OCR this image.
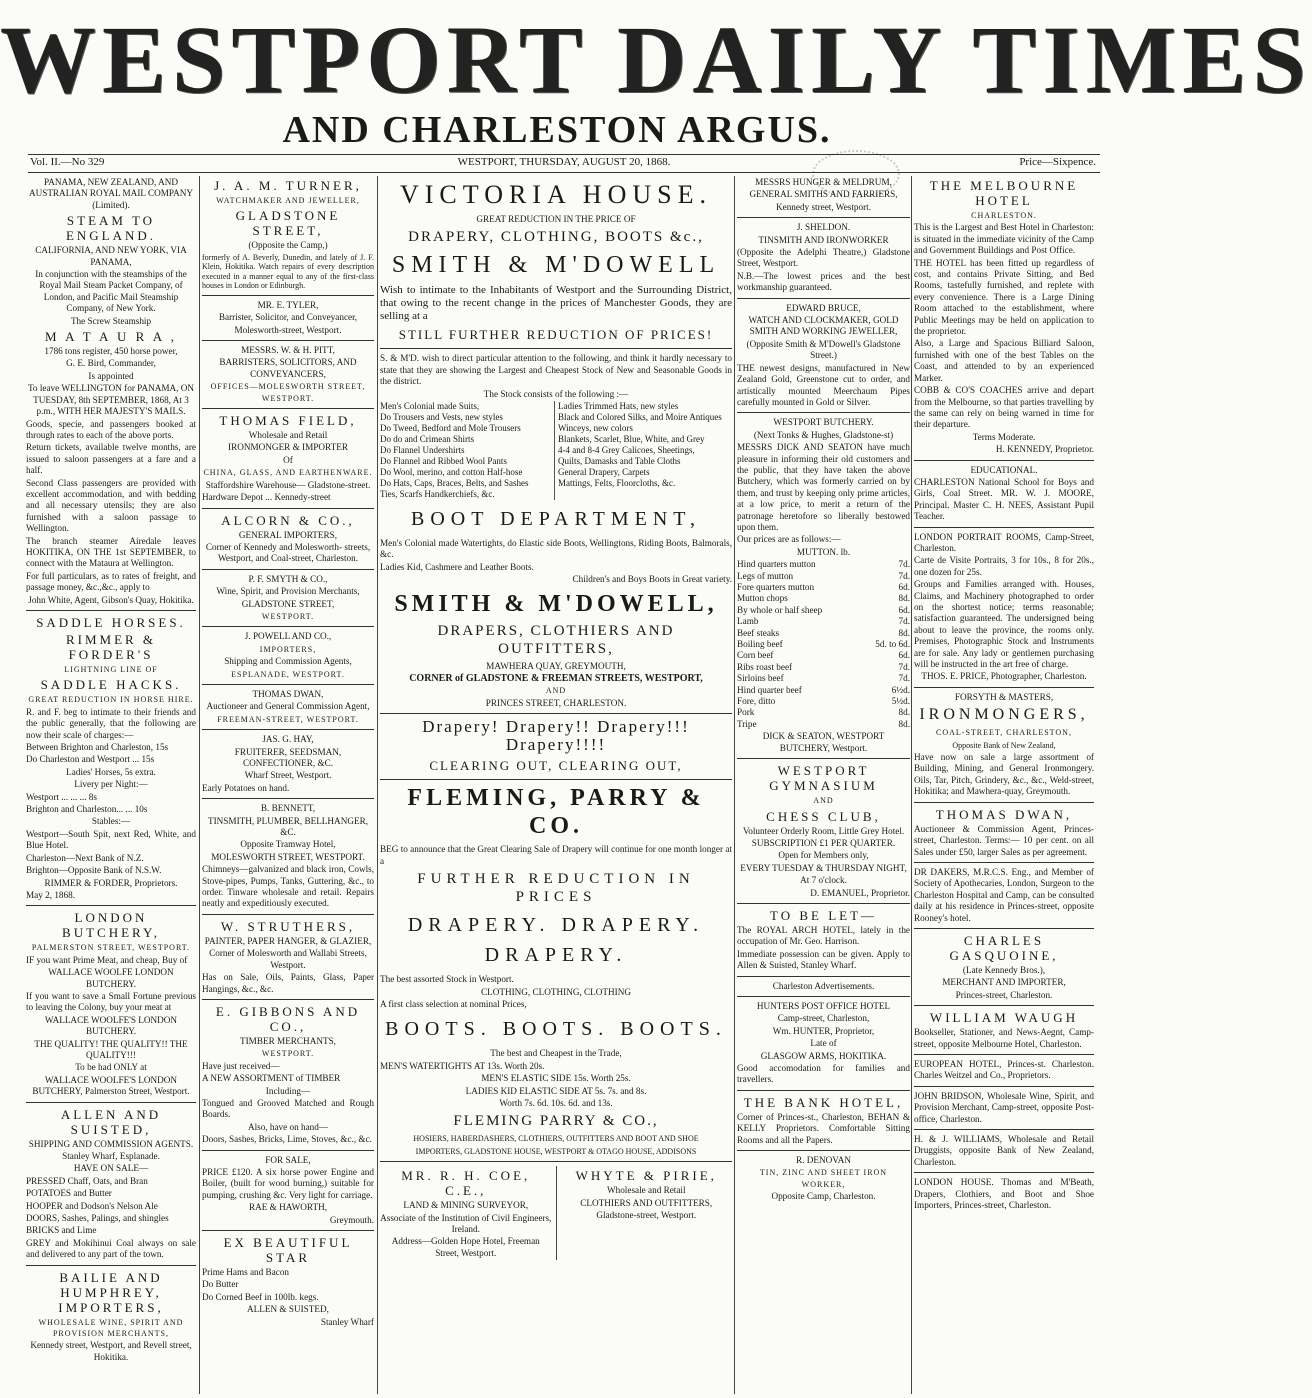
WESTPORT DAILY TIMES
AND CHARLESTON ARGUS.
Vol. II.—No 329	WESTPORT, THURSDAY, AUGUST 20, 1868.	Price—Sixpence.

PANAMA, NEW ZEALAND, AND AUSTRALIAN ROYAL MAIL COMPANY (Limited).

STEAM TO ENGLAND.

CALIFORNIA, AND NEW YORK, VIA PANAMA,

In conjunction with the steamships of the Royal Mail Steam Packet Company, of London, and Pacific Mail Steamship Company, of New York.

The Screw Steamship

M A T A U R A ,

1786 tons register, 450 horse power,

G. E. Bird, Commander,

Is appointed

To leave WELLINGTON for PANAMA, ON TUESDAY, 8th SEPTEMBER, 1868, At 3 p.m., WITH HER MAJESTY'S MAILS.

Goods, specie, and passengers booked at through rates to each of the above ports.

Return tickets, available twelve months, are issued to saloon passengers at a fare and a half.

Second Class passengers are provided with excellent accommodation, and with bedding and all necessary utensils; they are also furnished with a saloon passage to Wellington.

The branch steamer Airedale leaves HOKITIKA, ON THE 1st SEPTEMBER, to connect with the Mataura at Wellington.

For full particulars, as to rates of freight, and passage money, &c.,&c., apply to

John White, Agent, Gibson's Quay, Hokitika.

SADDLE HORSES.
RIMMER & FORDER'S
LIGHTNING LINE OF
SADDLE HACKS.
GREAT REDUCTION IN HORSE HIRE.

R. and F. beg to intimate to their friends and the public generally, that the following are now their scale of charges:—

Between Brighton and Charleston, 15s

Do Charleston and Westport ... 15s

Ladies' Horses, 5s extra.

Livery per Night:—

Westport ... ... ... 8s

Brighton and Charleston... ... 10s

Stables:—

Westport—South Spit, next Red, White, and Blue Hotel.

Charleston—Next Bank of N.Z.

Brighton—Opposite Bank of N.S.W.

RIMMER & FORDER, Proprietors.

May 2, 1868.

LONDON BUTCHERY,
PALMERSTON STREET, WESTPORT.

IF you want Prime Meat, and cheap, Buy of

WALLACE WOOLFE LONDON BUTCHERY.

If you want to save a Small Fortune previous to leaving the Colony, buy your meat at

WALLACE WOOLFE'S LONDON BUTCHERY.

THE QUALITY! THE QUALITY!! THE QUALITY!!!

To be had ONLY at

WALLACE WOOLFE'S LONDON BUTCHERY, Palmerston Street, Westport.

ALLEN AND SUISTED,

SHIPPING AND COMMISSION AGENTS.

Stanley Wharf, Esplanade.

HAVE ON SALE—

PRESSED Chaff, Oats, and Bran

POTATOES and Butter

HOOPER and Dodson's Nelson Ale

DOORS, Sashes, Palings, and shingles

BRICKS and Lime

GREY and Mokihinui Coal always on sale and delivered to any part of the town.

BAILIE AND HUMPHREY, IMPORTERS,
WHOLESALE WINE, SPIRIT AND PROVISION MERCHANTS,

Kennedy street, Westport, and Revell street, Hokitika.

J. A. M. TURNER,
WATCHMAKER AND JEWELLER,
GLADSTONE STREET,

(Opposite the Camp,)

formerly of A. Beverly, Dunedin, and lately of J. F. Klein, Hokitika. Watch repairs of every description executed in a manner equal to any of the first-class houses in London or Edinburgh.

MR. E. TYLER,

Barrister, Solicitor, and Conveyancer,

Molesworth-street, Westport.

MESSRS. W. & H. PITT,

BARRISTERS, SOLICITORS, AND CONVEYANCERS,

OFFICES—MOLESWORTH STREET, WESTPORT.
THOMAS FIELD,

Wholesale and Retail

IRONMONGER & IMPORTER

Of

CHINA, GLASS, AND EARTHENWARE.

Staffordshire Warehouse— Gladstone-street.

Hardware Depot ... Kennedy-street

ALCORN & CO.,

GENERAL IMPORTERS,

Corner of Kennedy and Molesworth- streets, Westport, and Coal-street, Charleston.

P. F. SMYTH & CO.,

Wine, Spirit, and Provision Merchants,

GLADSTONE STREET,

WESTPORT.

J. POWELL AND CO.,

IMPORTERS,

Shipping and Commission Agents,

ESPLANADE, WESTPORT.

THOMAS DWAN,

Auctioneer and General Commission Agent,

FREEMAN-STREET, WESTPORT.

JAS. G. HAY,

FRUITERER, SEEDSMAN, CONFECTIONER, &C.

Wharf Street, Westport.

Early Potatoes on hand.

B. BENNETT,

TINSMITH, PLUMBER, BELLHANGER, &C.

Opposite Tramway Hotel,

MOLESWORTH STREET, WESTPORT.

Chimneys—galvanized and black iron, Cowls, Stove-pipes, Pumps, Tanks, Guttering, &c., to order. Tinware wholesale and retail. Repairs neatly and expeditiously executed.

W. STRUTHERS,

PAINTER, PAPER HANGER, & GLAZIER,

Corner of Molesworth and Wallabi Streets, Westport.

Has on Sale, Oils, Paints, Glass, Paper Hangings, &c., &c.

E. GIBBONS AND CO.,

TIMBER MERCHANTS,

WESTPORT.

Have just received—

A NEW ASSORTMENT of TIMBER

Including—

Tongued and Grooved Matched and Rough Boards.

Also, have on hand—

Doors, Sashes, Bricks, Lime, Stoves, &c., &c.

FOR SALE,

PRICE £120. A six horse power Engine and Boiler, (built for wood burning,) suitable for pumping, crushing &c. Very light for carriage.

RAE & HAWORTH,

Greymouth.

EX BEAUTIFUL STAR

Prime Hams and Bacon

Do Butter

Do Corned Beef in 100lb. kegs.

ALLEN & SUISTED,

Stanley Wharf

VICTORIA HOUSE.

GREAT REDUCTION IN THE PRICE OF

DRAPERY, CLOTHING, BOOTS &c.,
SMITH & M'DOWELL

Wish to intimate to the Inhabitants of Westport and the Surrounding District, that owing to the recent change in the prices of Manchester Goods, they are selling at a

STILL FURTHER REDUCTION OF PRICES!

S. & M'D. wish to direct particular attention to the following, and think it hardly necessary to state that they are showing the Largest and Cheapest Stock of New and Seasonable Goods in the district.

The Stock consists of the following :—

Men's Colonial made Suits,
Do Trousers and Vests, new styles
Do Tweed, Bedford and Mole Trousers
Do do and Crimean Shirts
Do Flannel Undershirts
Do Flannel and Ribbed Wool Pants
Do Wool, merino, and cotton Half-hose
Do Hats, Caps, Braces, Belts, and Sashes
Ties, Scarfs Handkerchiefs, &c.
Ladies Trimmed Hats, new styles
Black and Colored Silks, and Moire Antiques
Winceys, new colors
Blankets, Scarlet, Blue, White, and Grey
4-4 and 8-4 Grey Calicoes, Sheetings,
Quilts, Damasks and Table Cloths
General Drapery, Carpets
Mattings, Felts, Floorcloths, &c.
BOOT DEPARTMENT,

Men's Colonial made Watertights, do Elastic side Boots, Wellingtons, Riding Boots, Balmorals, &c.

Ladies Kid, Cashmere and Leather Boots.

Children's and Boys Boots in Great variety.

SMITH & M'DOWELL,
DRAPERS, CLOTHIERS AND OUTFITTERS,

MAWHERA QUAY, GREYMOUTH,

CORNER of GLADSTONE & FREEMAN STREETS, WESTPORT,

AND

PRINCES STREET, CHARLESTON.

Drapery! Drapery!! Drapery!!! Drapery!!!!
CLEARING OUT, CLEARING OUT,
FLEMING, PARRY & CO.

BEG to announce that the Great Clearing Sale of Drapery will continue for one month longer at a

FURTHER REDUCTION IN PRICES
DRAPERY. DRAPERY. DRAPERY.

The best assorted Stock in Westport.

CLOTHING, CLOTHING, CLOTHING

A first class selection at nominal Prices,

BOOTS. BOOTS. BOOTS.

The best and Cheapest in the Trade,

MEN'S WATERTIGHTS AT 13s. Worth 20s.

MEN'S ELASTIC SIDE 15s. Worth 25s.

LADIES KID ELASTIC SIDE AT 5s. 7s. and 8s.

Worth 7s. 6d. 10s. 6d. and 13s.

FLEMING PARRY & CO.,

HOSIERS, HABERDASHERS, CLOTHIERS, OUTFITTERS AND BOOT AND SHOE

IMPORTERS, GLADSTONE HOUSE, WESTPORT & OTAGO HOUSE, ADDISONS

MR. R. H. COE, C.E.,

LAND & MINING SURVEYOR,

Associate of the Institution of Civil Engineers, Ireland.

Address—Golden Hope Hotel, Freeman Street, Westport.

WHYTE & PIRIE,

Wholesale and Retail

CLOTHIERS AND OUTFITTERS,

Gladstone-street, Westport.

MESSRS HUNGER & MELDRUM,

GENERAL SMITHS AND FARRIERS,

Kennedy street, Westport.

J. SHELDON.

TINSMITH AND IRONWORKER

(Opposite the Adelphi Theatre,) Gladstone Street, Westport.

N.B.—The lowest prices and the best workmanship guaranteed.

EDWARD BRUCE,

WATCH AND CLOCKMAKER, GOLD SMITH AND WORKING JEWELLER,

(Opposite Smith & M'Dowell's Gladstone Street.)

THE newest designs, manufactured in New Zealand Gold, Greenstone cut to order, and artistically mounted Meerchaum Pipes carefully mounted in Gold or Silver.

WESTPORT BUTCHERY.

(Next Tonks & Hughes, Gladstone-st)

MESSRS DICK AND SEATON have much pleasure in informing their old customers and the public, that they have taken the above Butchery, which was formerly carried on by them, and trust by keeping only prime articles, at a low price, to merit a return of the patronage heretofore so liberally bestowed upon them.

Our prices are as follows:—

MUTTON. lb.

Hind quarters mutton	7d.
Legs of mutton	7d.
Fore quarters mutton	6d.
Mutton chops	8d.
By whole or half sheep	6d.
Lamb	7d.
Beef steaks	8d.
Boiling beef	5d. to 6d.
Corn beef	6d.
Ribs roast beef	7d.
Sirloins beef	7d.
Hind quarter beef	6½d.
Fore, ditto	5½d.
Pork	8d.
Tripe	8d.

DICK & SEATON, WESTPORT BUTCHERY, Westport.

WESTPORT GYMNASIUM
AND
CHESS CLUB,

Volunteer Orderly Room, Little Grey Hotel.

SUBSCRIPTION £1 PER QUARTER.

Open for Members only,

EVERY TUESDAY & THURSDAY NIGHT,

At 7 o'clock.

D. EMANUEL, Proprietor.

TO BE LET—

The ROYAL ARCH HOTEL, lately in the occupation of Mr. Geo. Harrison.

Immediate possession can be given. Apply to Allen & Suisted, Stanley Wharf.

Charleston Advertisements.

HUNTERS POST OFFICE HOTEL

Camp-street, Charleston,

Wm. HUNTER, Proprietor,

Late of

GLASGOW ARMS, HOKITIKA.

Good accomodation for families and travellers.

THE BANK HOTEL,

Corner of Princes-st., Charleston, BEHAN & KELLY Proprietors. Comfortable Sitting Rooms and all the Papers.

R. DENOVAN

TIN, ZINC AND SHEET IRON WORKER,

Opposite Camp, Charleston.

THE MELBOURNE HOTEL
CHARLESTON.

This is the Largest and Best Hotel in Charleston: is situated in the immediate vicinity of the Camp and Government Buildings and Post Office.

THE HOTEL has been fitted up regardless of cost, and contains Private Sitting, and Bed Rooms, tastefully furnished, and replete with every convenience. There is a Large Dining Room attached to the establishment, where Public Meetings may be held on application to the proprietor.

Also, a Large and Spacious Billiard Saloon, furnished with one of the best Tables on the Coast, and attended to by an experienced Marker.

COBB & CO'S COACHES arrive and depart from the Melbourne, so that parties travelling by the same can rely on being warned in time for their departure.

Terms Moderate.

H. KENNEDY, Proprietor.

EDUCATIONAL.

CHARLESTON National School for Boys and Girls, Coal Street. MR. W. J. MOORE, Principal. Master C. H. NEES, Assistant Pupil Teacher.

LONDON PORTRAIT ROOMS, Camp-Street, Charleston.

Carte de Visite Portraits, 3 for 10s., 8 for 20s., one dozen for 25s.

Groups and Families arranged with. Houses, Claims, and Machinery photographed to order on the shortest notice; terms reasonable; satisfaction guaranteed. The undersigned being about to leave the province, the rooms only. Premises, Photographic Stock and Instruments are for sale. Any lady or gentlemen purchasing will be instructed in the art free of charge.

THOS. E. PRICE, Photographer, Charleston.

FORSYTH & MASTERS,

IRONMONGERS,
COAL-STREET, CHARLESTON,

Opposite Bank of New Zealand,

Have now on sale a large assortment of Building, Mining, and General Ironmongery. Oils, Tar, Pitch, Grindery, &c., &c., Weld-street, Hokitika; and Mawhera-quay, Greymouth.

THOMAS DWAN,

Auctioneer & Commission Agent, Princes-street, Charleston. Terms:— 10 per cent. on all Sales under £50, larger Sales as per agreement.

DR DAKERS, M.R.C.S. Eng., and Member of Society of Apothecaries, London, Surgeon to the Charleston Hospital and Camp, can be consulted daily at his residence in Princes-street, opposite Rooney's hotel.

CHARLES GASQUOINE,

(Late Kennedy Bros.),

MERCHANT AND IMPORTER,

Princes-street, Charleston.

WILLIAM WAUGH

Bookseller, Stationer, and News-Aegnt, Camp-street, opposite Melbourne Hotel, Charleston.

EUROPEAN HOTEL, Princes-st. Charleston. Charles Weitzel and Co., Proprietors.

JOHN BRIDSON, Wholesale Wine, Spirit, and Provision Merchant, Camp-street, opposite Post-office, Charleston.

H. & J. WILLIAMS, Wholesale and Retail Druggists, opposite Bank of New Zealand, Charleston.

LONDON HOUSE. Thomas and M'Beath, Drapers, Clothiers, and Boot and Shoe Importers, Princes-street, Charleston.
